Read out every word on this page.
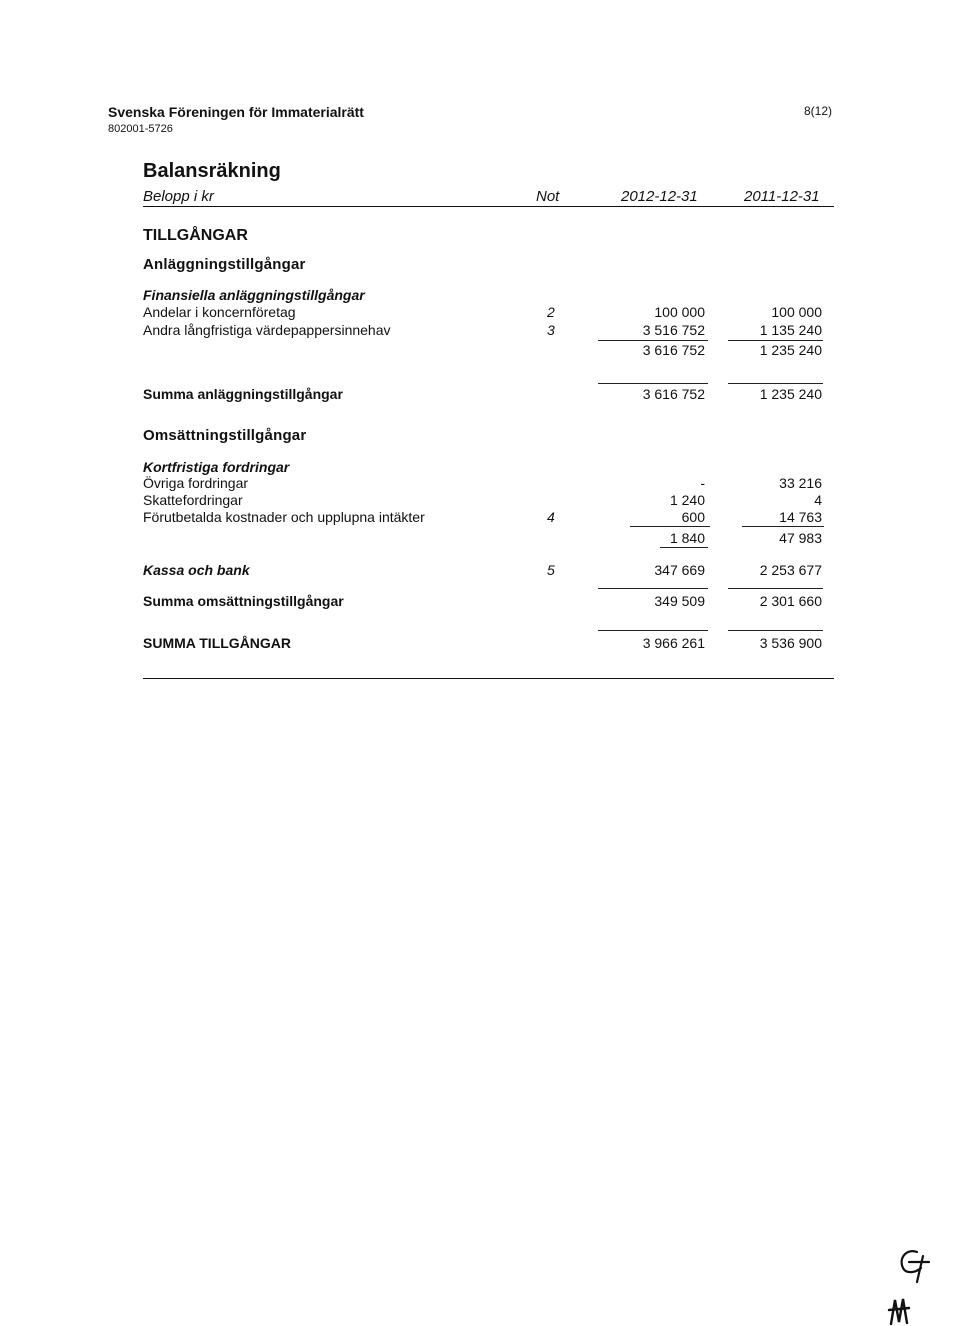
Svenska Föreningen för Immaterialrätt
802001-5726
8(12)
Balansräkning
Belopp i kr	Not	2012-12-31	2011-12-31
TILLGÅNGAR
Anläggningstillgångar
Finansiella anläggningstillgångar
Andelar i koncernföretag	2	100 000	100 000
Andra långfristiga värdepappersinnehav	3	3 516 752	1 135 240
3 616 752	1 235 240
Summa anläggningstillgångar	3 616 752	1 235 240
Omsättningstillgångar
Kortfristiga fordringar
Övriga fordringar	-	33 216
Skattefordringar	1 240	4
Förutbetalda kostnader och upplupna intäkter	4	600	14 763
1 840	47 983
Kassa och bank	5	347 669	2 253 677
Summa omsättningstillgångar	349 509	2 301 660
SUMMA TILLGÅNGAR	3 966 261	3 536 900
